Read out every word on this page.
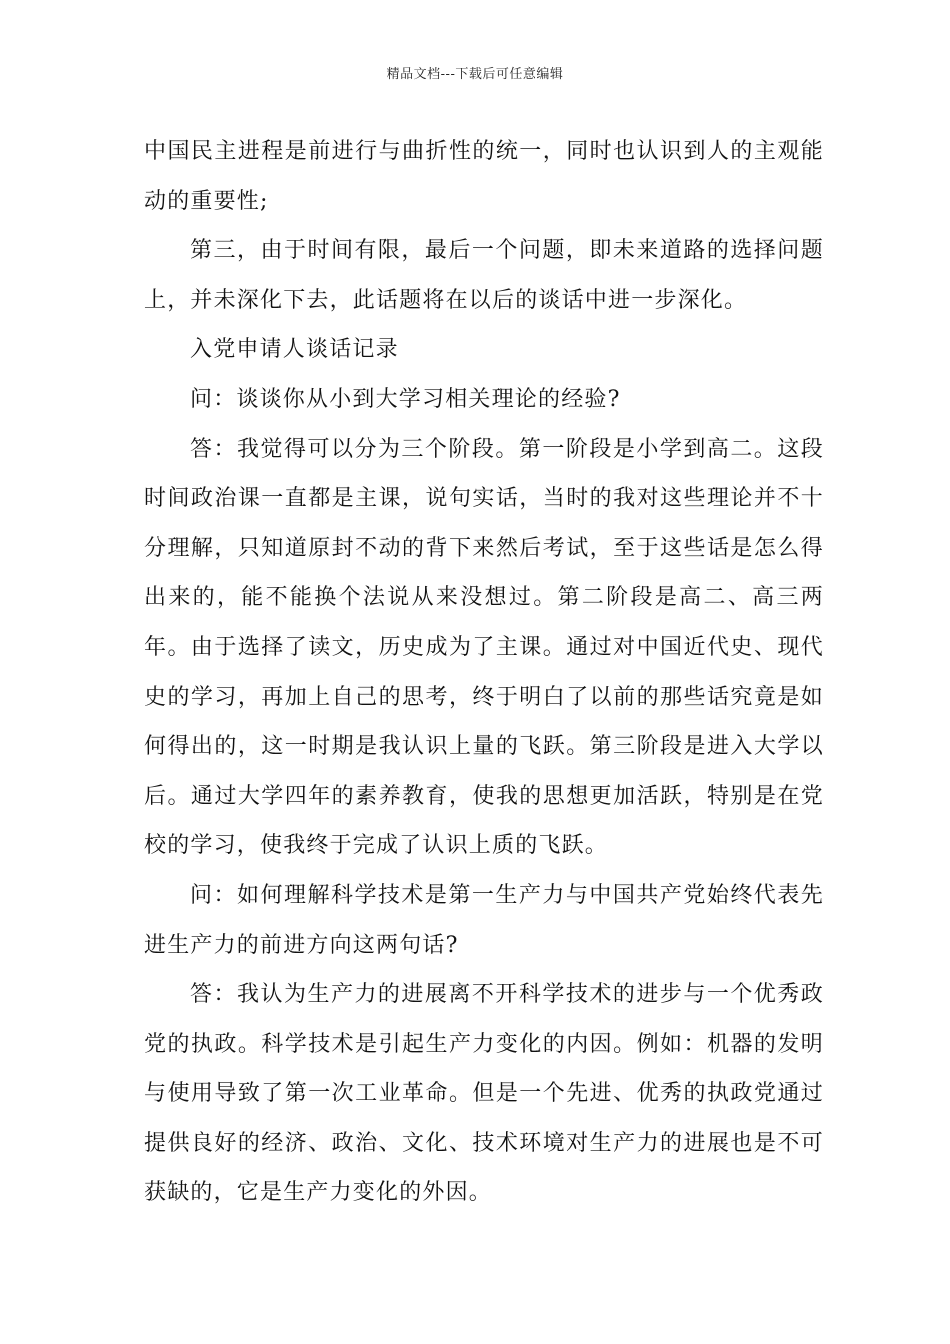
精品文档---下载后可任意编辑

中国民主进程是前进行与曲折性的统一，同时也认识到人的主观能动的重要性;

第三，由于时间有限，最后一个问题，即未来道路的选择问题上，并未深化下去，此话题将在以后的谈话中进一步深化。

入党申请人谈话记录

问：谈谈你从小到大学习相关理论的经验?

答：我觉得可以分为三个阶段。第一阶段是小学到高二。这段时间政治课一直都是主课，说句实话，当时的我对这些理论并不十分理解，只知道原封不动的背下来然后考试，至于这些话是怎么得出来的，能不能换个法说从来没想过。第二阶段是高二、高三两年。由于选择了读文，历史成为了主课。通过对中国近代史、现代史的学习，再加上自己的思考，终于明白了以前的那些话究竟是如何得出的，这一时期是我认识上量的飞跃。第三阶段是进入大学以后。通过大学四年的素养教育，使我的思想更加活跃，特别是在党校的学习，使我终于完成了认识上质的飞跃。

问：如何理解科学技术是第一生产力与中国共产党始终代表先进生产力的前进方向这两句话?

答：我认为生产力的进展离不开科学技术的进步与一个优秀政党的执政。科学技术是引起生产力变化的内因。例如：机器的发明与使用导致了第一次工业革命。但是一个先进、优秀的执政党通过提供良好的经济、政治、文化、技术环境对生产力的进展也是不可获缺的，它是生产力变化的外因。
